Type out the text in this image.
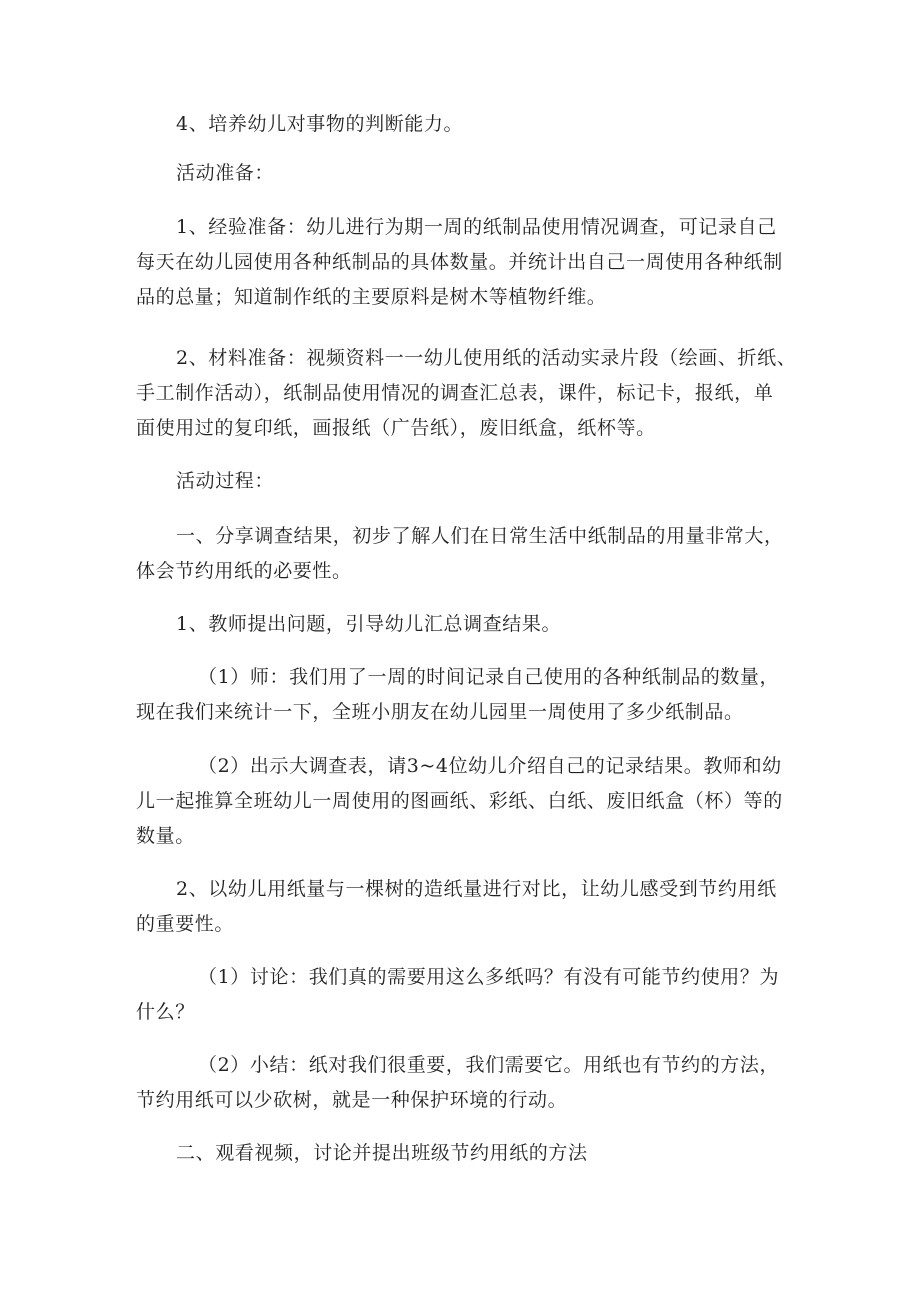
4、培养幼儿对事物的判断能力。

活动准备：

1、经验准备：幼儿进行为期一周的纸制品使用情况调查，可记录自己
每天在幼儿园使用各种纸制品的具体数量。并统计出自己一周使用各种纸制
品的总量；知道制作纸的主要原料是树木等植物纤维。

2、材料准备：视频资料一一幼儿使用纸的活动实录片段（绘画、折纸、
手工制作活动），纸制品使用情况的调查汇总表，课件，标记卡，报纸，单
面使用过的复印纸，画报纸（广告纸），废旧纸盒，纸杯等。

活动过程：

一、分享调查结果，初步了解人们在日常生活中纸制品的用量非常大，
体会节约用纸的必要性。

1、教师提出问题，引导幼儿汇总调查结果。

（1）师：我们用了一周的时间记录自己使用的各种纸制品的数量，
现在我们来统计一下，全班小朋友在幼儿园里一周使用了多少纸制品。

（2）出示大调查表，请3~4位幼儿介绍自己的记录结果。教师和幼
儿一起推算全班幼儿一周使用的图画纸、彩纸、白纸、废旧纸盒（杯）等的
数量。

2、以幼儿用纸量与一棵树的造纸量进行对比，让幼儿感受到节约用纸
的重要性。

（1）讨论：我们真的需要用这么多纸吗？有没有可能节约使用？为
什么？

（2）小结：纸对我们很重要，我们需要它。用纸也有节约的方法，
节约用纸可以少砍树，就是一种保护环境的行动。

二、观看视频，讨论并提出班级节约用纸的方法
